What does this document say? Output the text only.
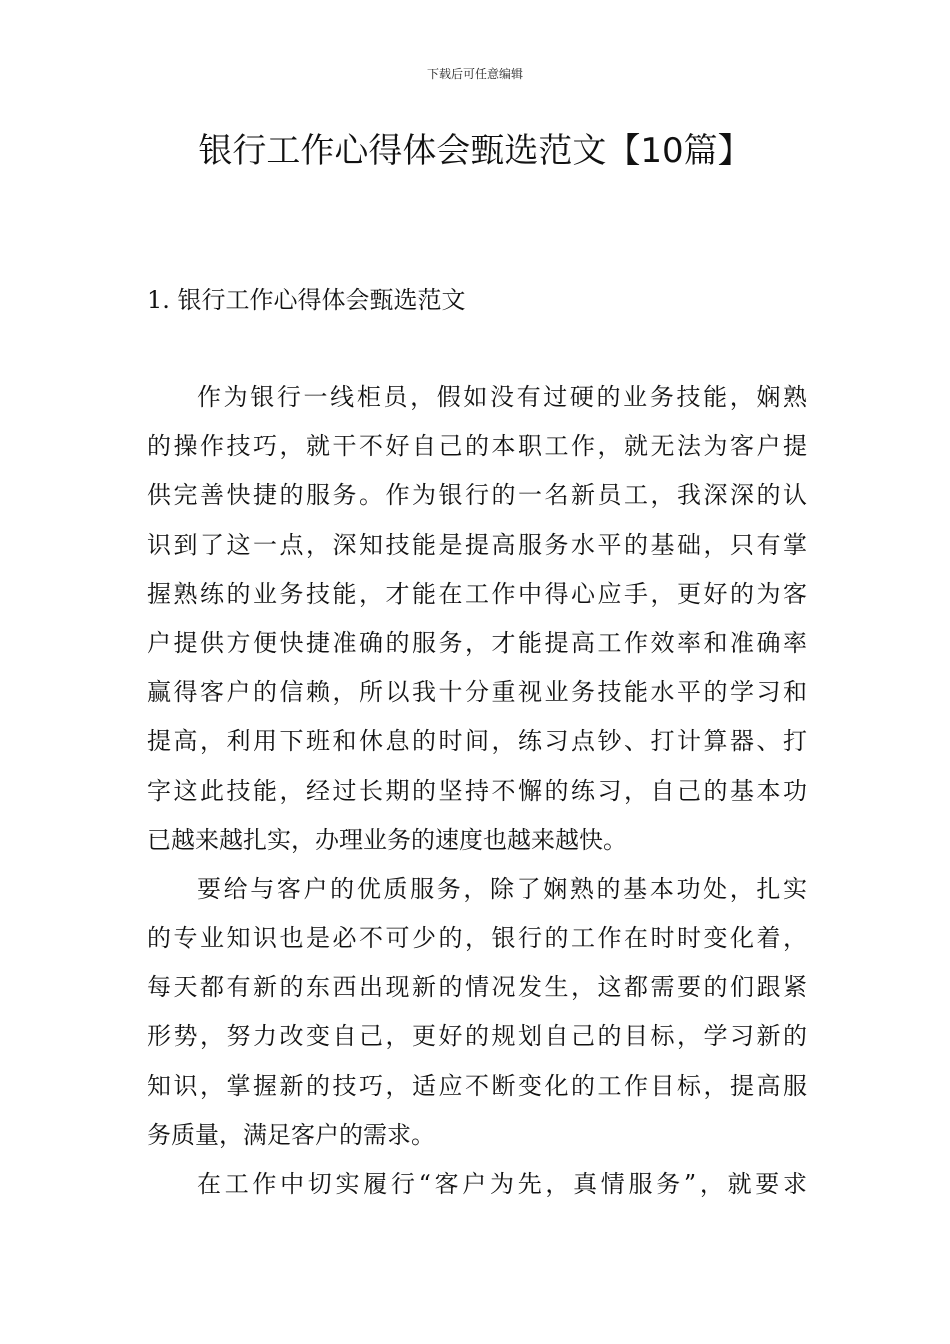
下载后可任意编辑
银行工作心得体会甄选范文【10篇】
1. 银行工作心得体会甄选范文

作为银行一线柜员，假如没有过硬的业务技能，娴熟
的操作技巧，就干不好自己的本职工作，就无法为客户提
供完善快捷的服务。作为银行的一名新员工，我深深的认
识到了这一点，深知技能是提高服务水平的基础，只有掌
握熟练的业务技能，才能在工作中得心应手，更好的为客
户提供方便快捷准确的服务，才能提高工作效率和准确率
赢得客户的信赖，所以我十分重视业务技能水平的学习和
提高，利用下班和休息的时间，练习点钞、打计算器、打
字这此技能，经过长期的坚持不懈的练习，自己的基本功
已越来越扎实，办理业务的速度也越来越快。

要给与客户的优质服务，除了娴熟的基本功处，扎实
的专业知识也是必不可少的，银行的工作在时时变化着，
每天都有新的东西出现新的情况发生，这都需要的们跟紧
形势，努力改变自己，更好的规划自己的目标，学习新的
知识，掌握新的技巧，适应不断变化的工作目标，提高服
务质量，满足客户的需求。

在工作中切实履行“客户为先，真情服务”，就要求
